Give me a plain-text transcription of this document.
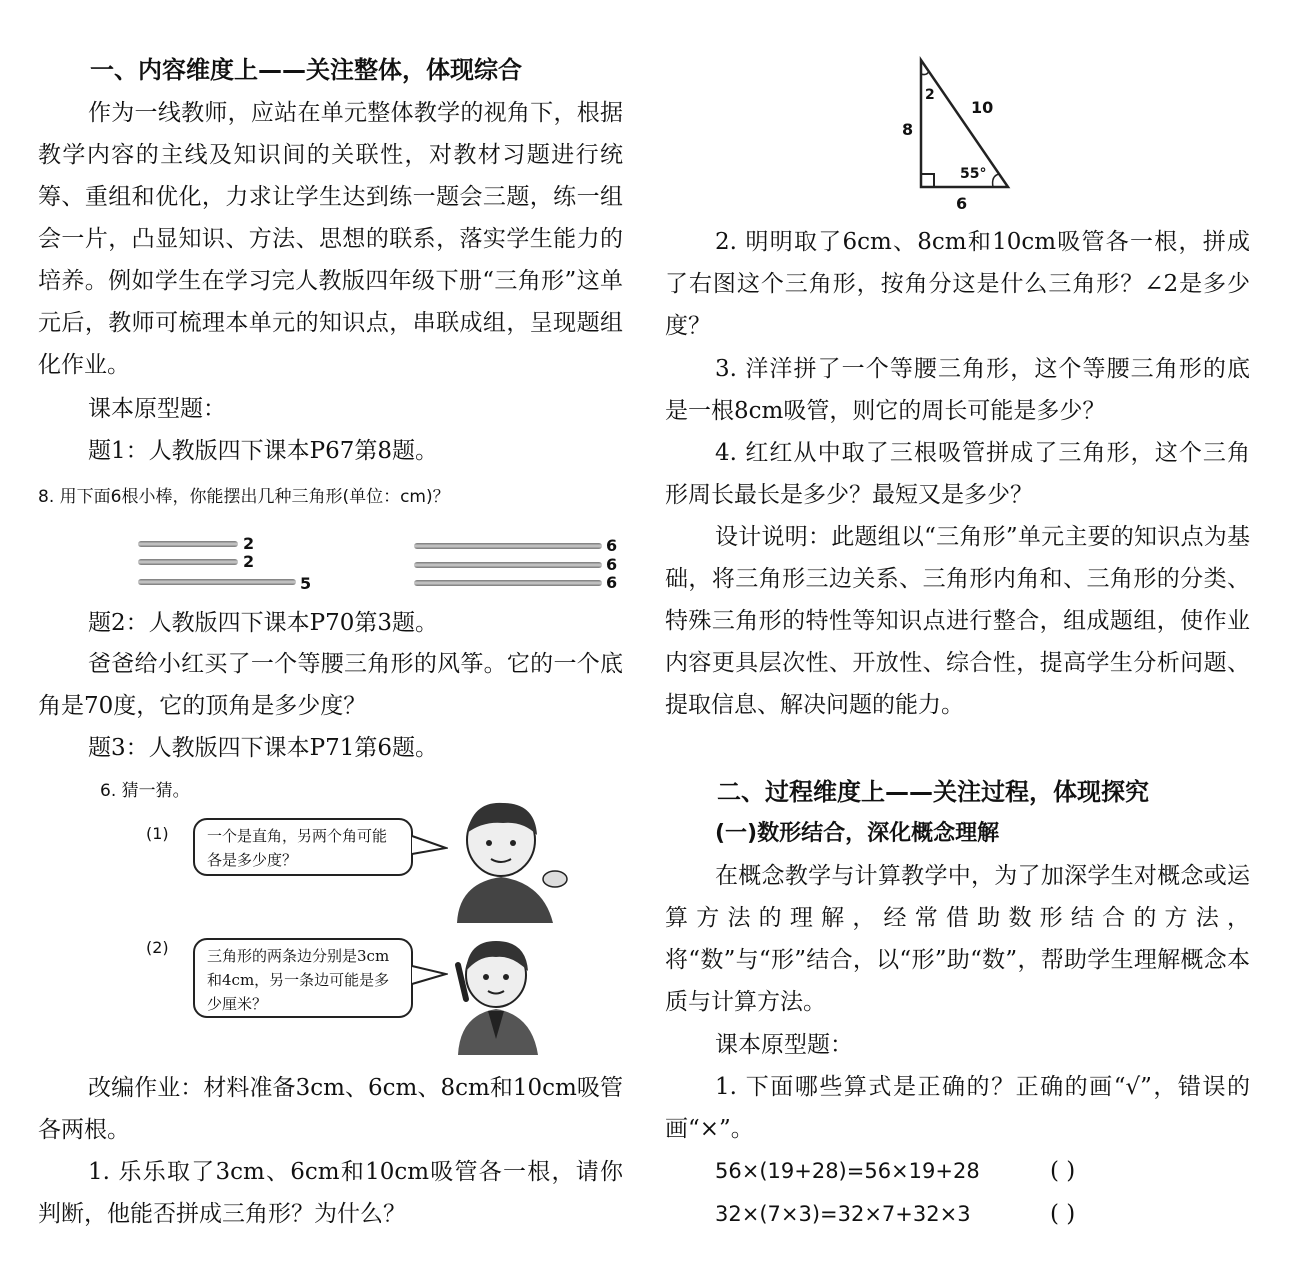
一、内容维度上——关注整体，体现综合
作为一线教师，应站在单元整体教学的视角下，根据教学内容的主线及知识间的关联性，对教材习题进行统筹、重组和优化，力求让学生达到练一题会三题，练一组会一片，凸显知识、方法、思想的联系，落实学生能力的培养。例如学生在学习完人教版四年级下册“三角形”这单元后，教师可梳理本单元的知识点，串联成组，呈现题组化作业。
课本原型题：
题1：人教版四下课本P67第8题。
8. 用下面6根小棒，你能摆出几种三角形(单位：cm)？
2
2
5
6
6
6
题2：人教版四下课本P70第3题。
爸爸给小红买了一个等腰三角形的风筝。它的一个底角是70度，它的顶角是多少度？
题3：人教版四下课本P71第6题。
6. 猜一猜。
(1)	一个是直角，另两个角可能各是多少度？
(2)	三角形的两条边分别是3cm和4cm，另一条边可能是多少厘米？
改编作业：材料准备3cm、6cm、8cm和10cm吸管各两根。
1. 乐乐取了3cm、6cm和10cm吸管各一根，请你判断，他能否拼成三角形？为什么？
8
10
6
2
55°
2. 明明取了6cm、8cm和10cm吸管各一根，拼成了右图这个三角形，按角分这是什么三角形？∠2是多少度？
3. 洋洋拼了一个等腰三角形，这个等腰三角形的底是一根8cm吸管，则它的周长可能是多少？
4. 红红从中取了三根吸管拼成了三角形，这个三角形周长最长是多少？最短又是多少？
设计说明：此题组以“三角形”单元主要的知识点为基础，将三角形三边关系、三角形内角和、三角形的分类、特殊三角形的特性等知识点进行整合，组成题组，使作业内容更具层次性、开放性、综合性，提高学生分析问题、提取信息、解决问题的能力。
二、过程维度上——关注过程，体现探究
(一)数形结合，深化概念理解
在概念教学与计算教学中，为了加深学生对概念或运算方法的理解，经常借助数形结合的方法，将“数”与“形”结合，以“形”助“数”，帮助学生理解概念本质与计算方法。
课本原型题：
1. 下面哪些算式是正确的？正确的画“√”，错误的画“×”。
56×(19+28)=56×19+28	( )
32×(7×3)=32×7+32×3	( )
